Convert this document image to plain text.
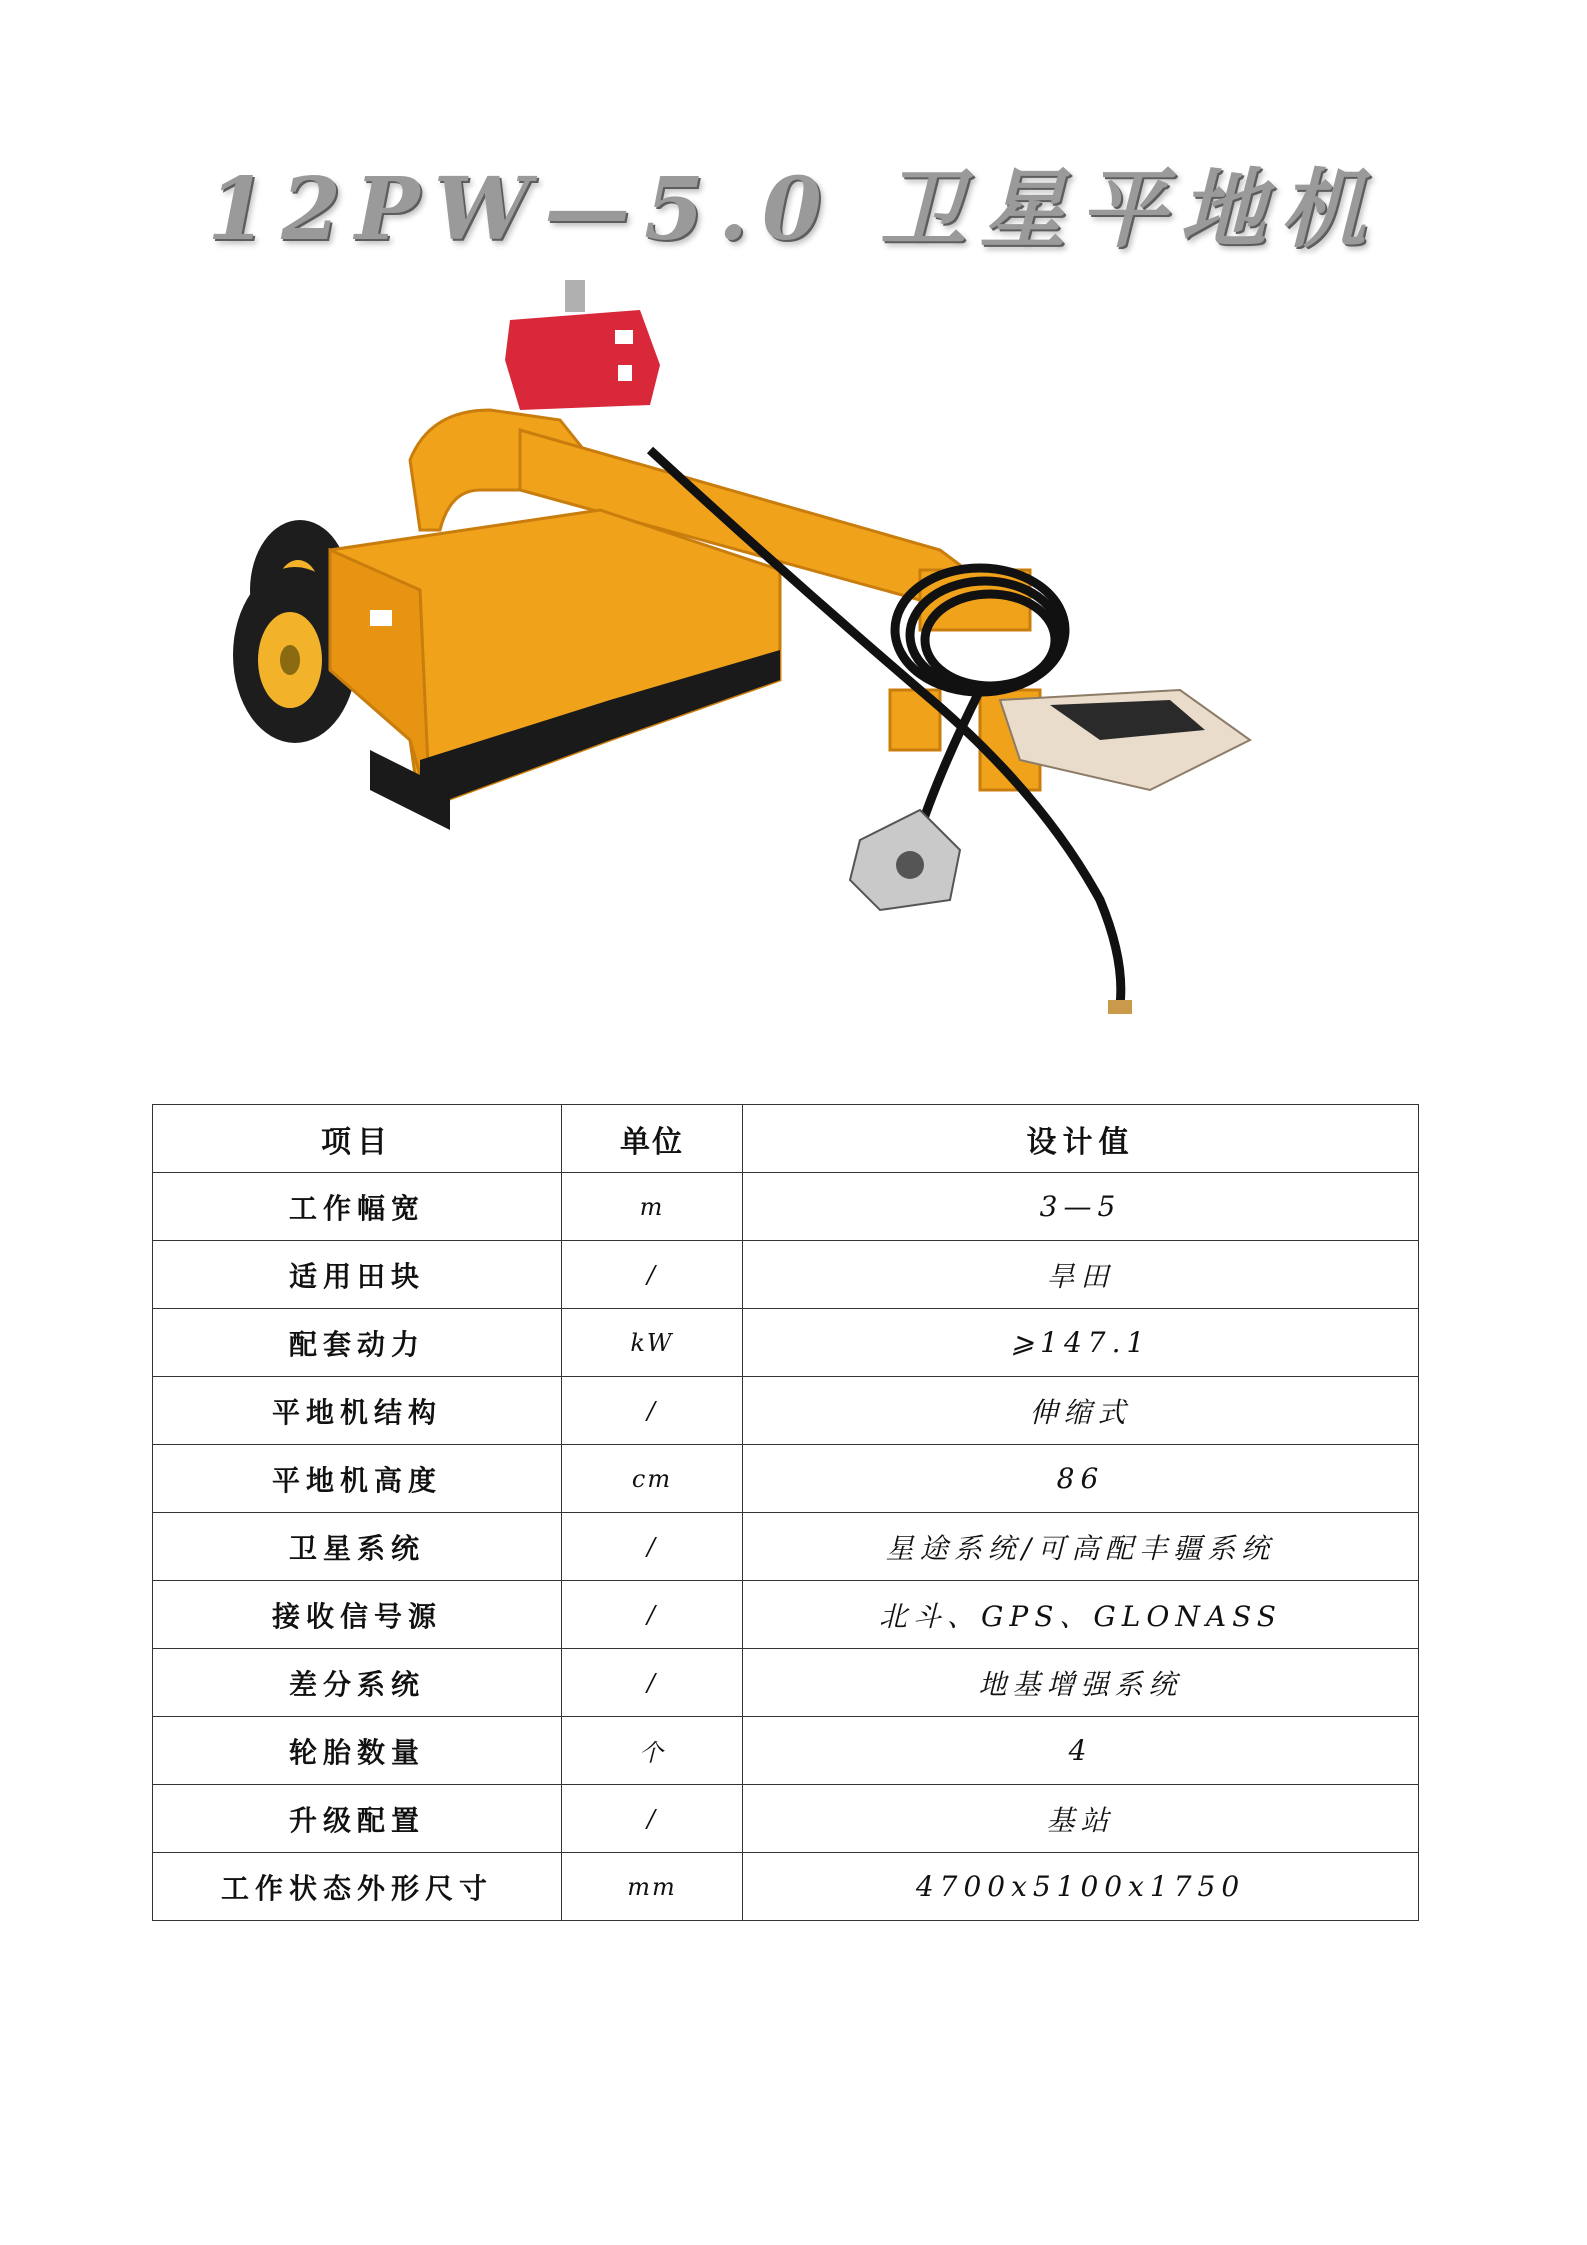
12PW—5.0 卫星平地机
项目	单位	设计值
工作幅宽	m	3—5
适用田块	/	旱田
配套动力	kW	⩾147.1
平地机结构	/	伸缩式
平地机高度	cm	86
卫星系统	/	星途系统/可高配丰疆系统
接收信号源	/	北斗、GPS、GLONASS
差分系统	/	地基增强系统
轮胎数量	个	4
升级配置	/	基站
工作状态外形尺寸	mm	4700x5100x1750
